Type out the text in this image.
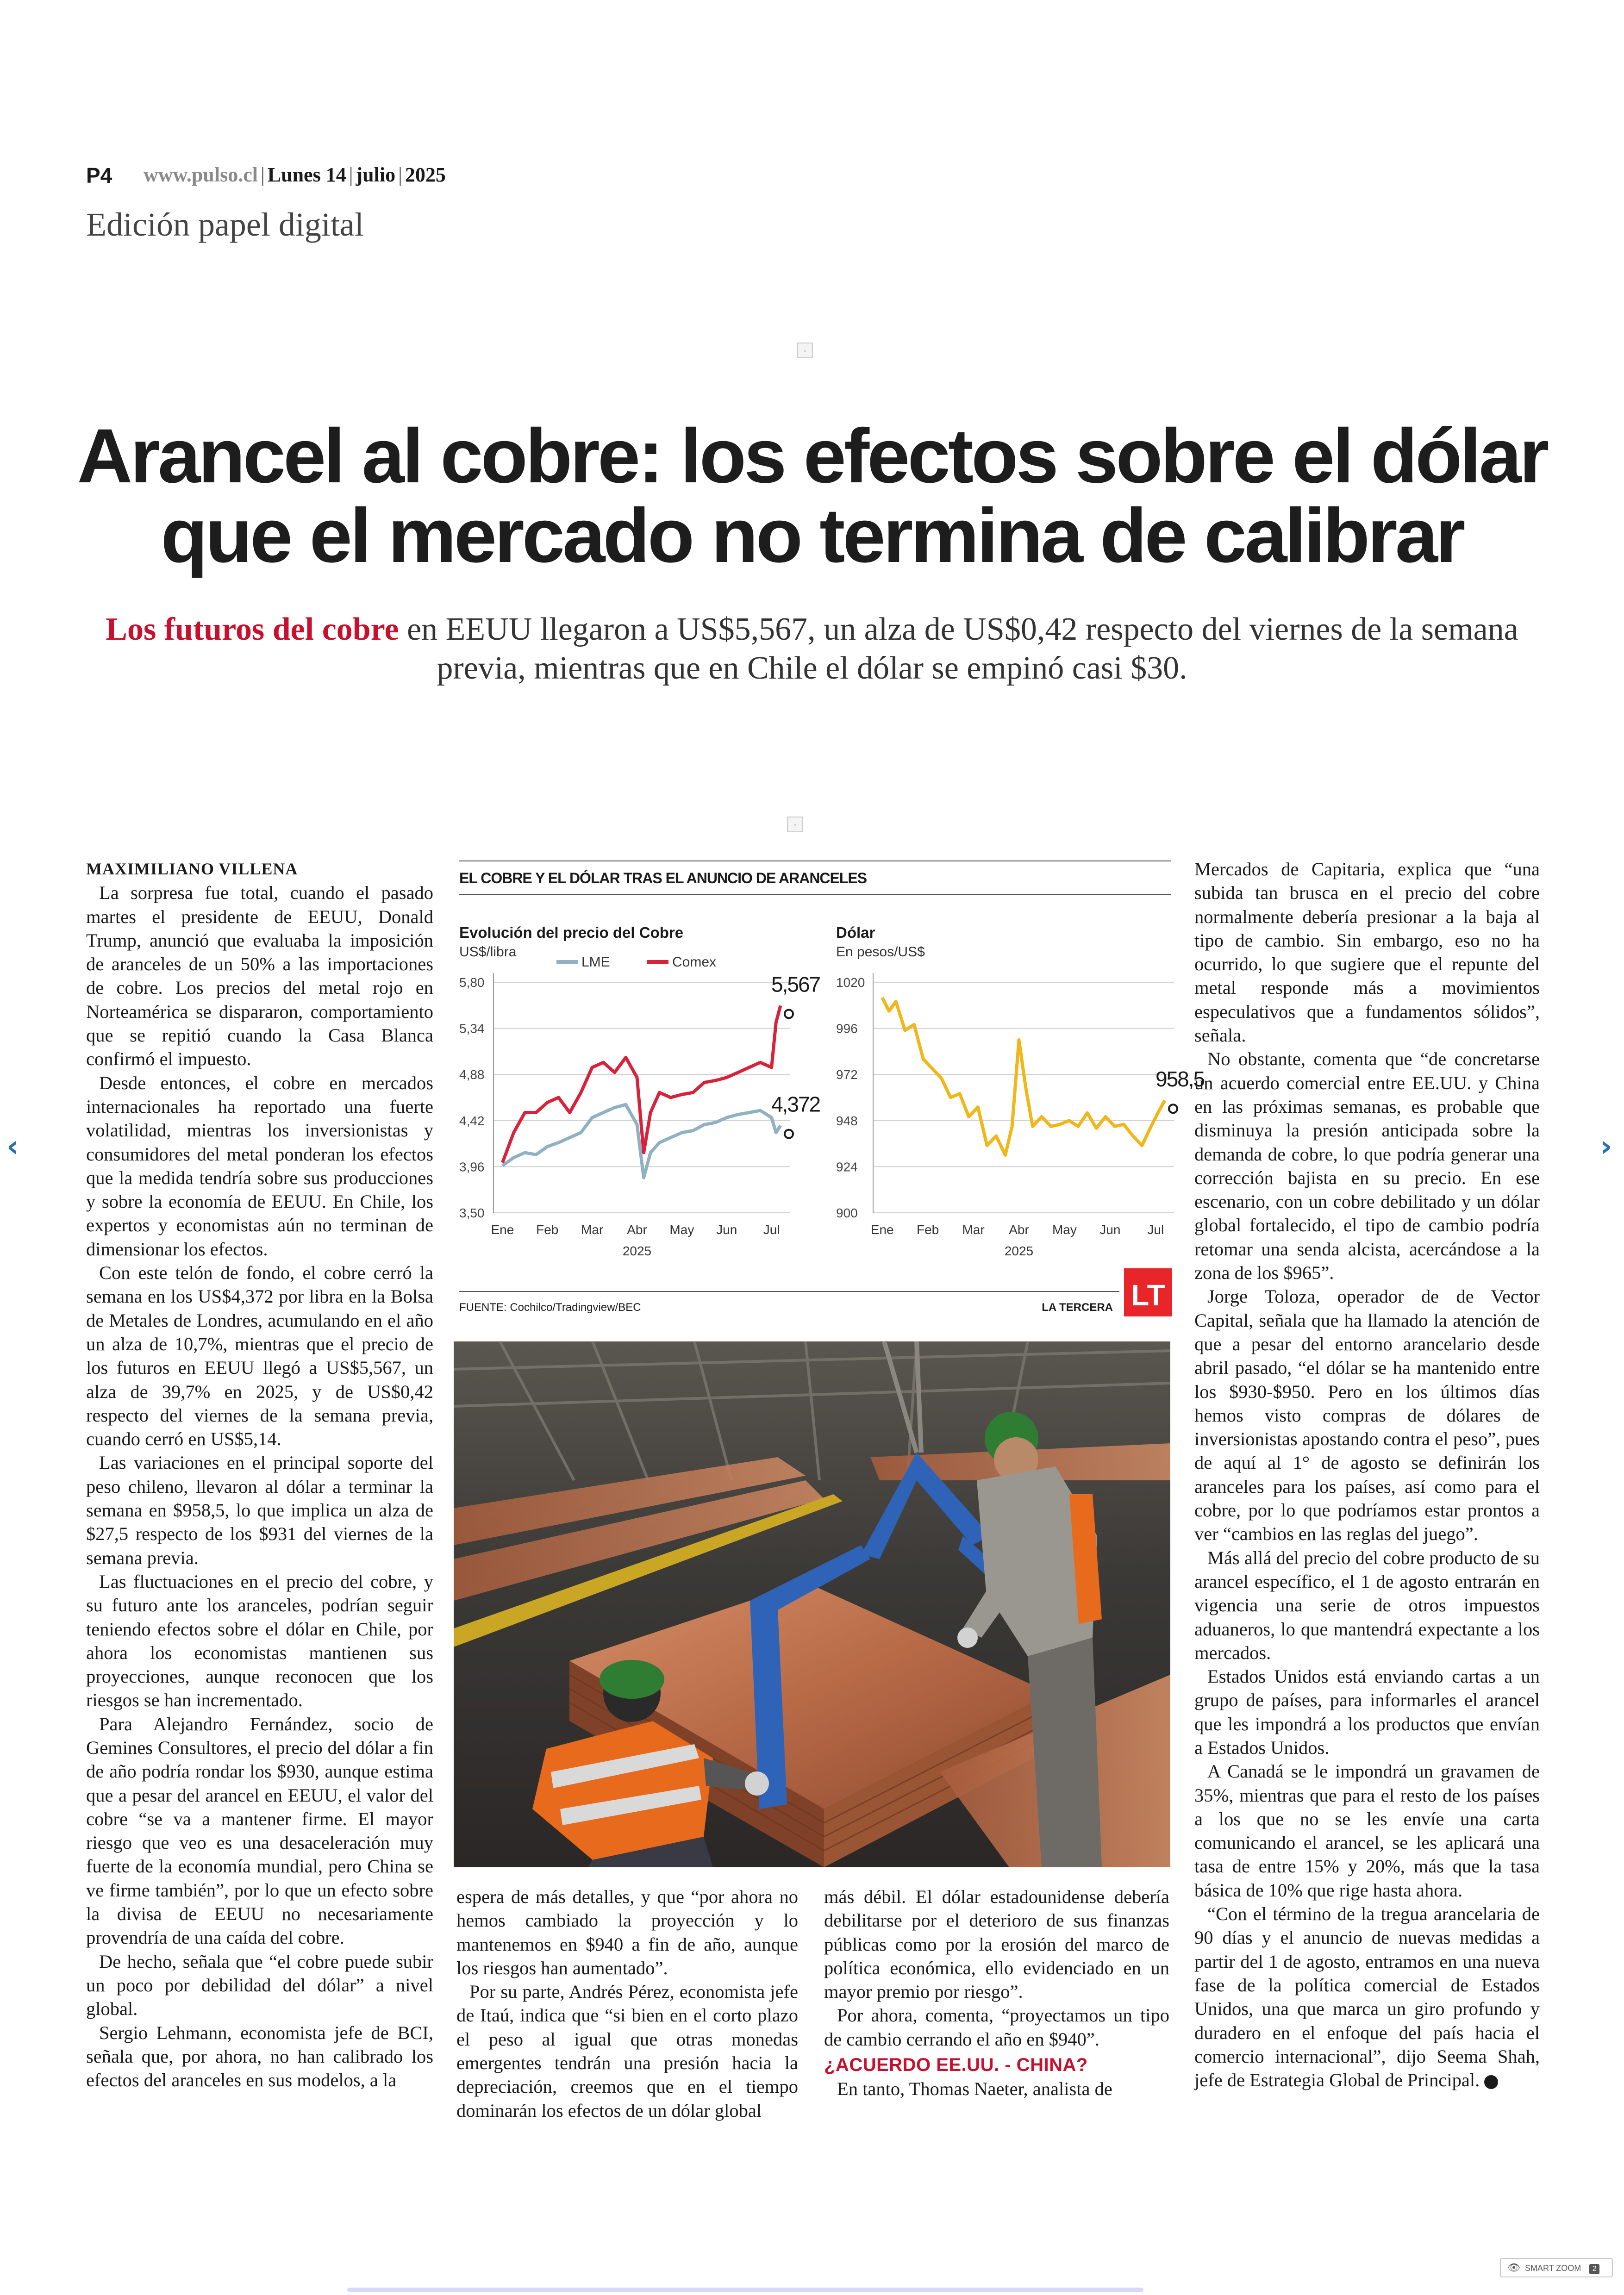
P4 www.pulso.cl | Lunes 14 | julio | 2025
Edición papel digital
▫
▫
Arancel al cobre: los efectos sobre el dólar
que el mercado no termina de calibrar
Los futuros del cobre en EEUU llegaron a US$5,567, un alza de US$0,42 respecto del viernes de la semana previa, mientras que en Chile el dólar se empinó casi $30.

MAXIMILIANO VILLENA

La sorpresa fue total, cuando el pasado martes el presidente de EEUU, Donald Trump, anunció que evaluaba la imposición de aranceles de un 50% a las importaciones de cobre. Los precios del metal rojo en Norteamérica se dispararon, comportamiento que se repitió cuando la Casa Blanca confirmó el impuesto.

Desde entonces, el cobre en mercados internacionales ha reportado una fuerte volatilidad, mientras los inversionistas y consumidores del metal ponderan los efectos que la medida tendría sobre sus producciones y sobre la economía de EEUU. En Chile, los expertos y economistas aún no terminan de dimensionar los efectos.

Con este telón de fondo, el cobre cerró la semana en los US$4,372 por libra en la Bolsa de Metales de Londres, acumulando en el año un alza de 10,7%, mientras que el precio de los futuros en EEUU llegó a US$5,567, un alza de 39,7% en 2025, y de US$0,42 respecto del viernes de la semana previa, cuando cerró en US$5,14.

Las variaciones en el principal soporte del peso chileno, llevaron al dólar a terminar la semana en $958,5, lo que implica un alza de $27,5 respecto de los $931 del viernes de la semana previa.

Las fluctuaciones en el precio del cobre, y su futuro ante los aranceles, podrían seguir teniendo efectos sobre el dólar en Chile, por ahora los economistas mantienen sus proyecciones, aunque reconocen que los riesgos se han incrementado.

Para Alejandro Fernández, socio de Gemines Consultores, el precio del dólar a fin de año podría rondar los $930, aunque estima que a pesar del arancel en EEUU, el valor del cobre “se va a mantener firme. El mayor riesgo que veo es una desaceleración muy fuerte de la economía mundial, pero China se ve firme también”, por lo que un efecto sobre la divisa de EEUU no necesariamente provendría de una caída del cobre.

De hecho, señala que “el cobre puede subir un poco por debilidad del dólar” a nivel global.

Sergio Lehmann, economista jefe de BCI, señala que, por ahora, no han calibrado los efectos del aranceles en sus modelos, a la

EL COBRE Y EL DÓLAR TRAS EL ANUNCIO DE ARANCELES
Evolución del precio del Cobre
US$/libra
LME	Comex
5,80
5,34
4,88
4,42
3,96
3,50
Ene Feb Mar Abr May Jun Jul
2025
4,372
5,567
Dólar
En pesos/US$
1020
996
972
948
924
900
Ene Feb Mar Abr May Jun Jul
2025
958,5
FUENTE: Cochilco/Tradingview/BEC	LA TERCERA LT

espera de más detalles, y que “por ahora no hemos cambiado la proyección y lo mantenemos en $940 a fin de año, aunque los riesgos han aumentado”.

Por su parte, Andrés Pérez, economista jefe de Itaú, indica que “si bien en el corto plazo el peso al igual que otras monedas emergentes tendrán una presión hacia la depreciación, creemos que en el tiempo dominarán los efectos de un dólar global

más débil. El dólar estadounidense debería debilitarse por el deterioro de sus finanzas públicas como por la erosión del marco de política económica, ello evidenciado en un mayor premio por riesgo”.

Por ahora, comenta, “proyectamos un tipo de cambio cerrando el año en $940”.

¿ACUERDO EE.UU. - CHINA?

En tanto, Thomas Naeter, analista de

Mercados de Capitaria, explica que “una subida tan brusca en el precio del cobre normalmente debería presionar a la baja al tipo de cambio. Sin embargo, eso no ha ocurrido, lo que sugiere que el repunte del metal responde más a movimientos especulativos que a fundamentos sólidos”, señala.

No obstante, comenta que “de concretarse un acuerdo comercial entre EE.UU. y China en las próximas semanas, es probable que disminuya la presión anticipada sobre la demanda de cobre, lo que podría generar una corrección bajista en su precio. En ese escenario, con un cobre debilitado y un dólar global fortalecido, el tipo de cambio podría retomar una senda alcista, acercándose a la zona de los $965”.

Jorge Toloza, operador de de Vector Capital, señala que ha llamado la atención de que a pesar del entorno arancelario desde abril pasado, “el dólar se ha mantenido entre los $930-$950. Pero en los últimos días hemos visto compras de dólares de inversionistas apostando contra el peso”, pues de aquí al 1° de agosto se definirán los aranceles para los países, así como para el cobre, por lo que podríamos estar prontos a ver “cambios en las reglas del juego”.

Más allá del precio del cobre producto de su arancel específico, el 1 de agosto entrarán en vigencia una serie de otros impuestos aduaneros, lo que mantendrá expectante a los mercados.

Estados Unidos está enviando cartas a un grupo de países, para informarles el arancel que les impondrá a los productos que envían a Estados Unidos.

A Canadá se le impondrá un gravamen de 35%, mientras que para el resto de los países a los que no se les envíe una carta comunicando el arancel, se les aplicará una tasa de entre 15% y 20%, más que la tasa básica de 10% que rige hasta ahora.

“Con el término de la tregua arancelaria de 90 días y el anuncio de nuevas medidas a partir del 1 de agosto, entramos en una nueva fase de la política comercial de Estados Unidos, una que marca un giro profundo y duradero en el enfoque del país hacia el comercio internacional”, dijo Seema Shah, jefe de Estrategia Global de Principal. P

‹	›
👁 SMART ZOOM 2
